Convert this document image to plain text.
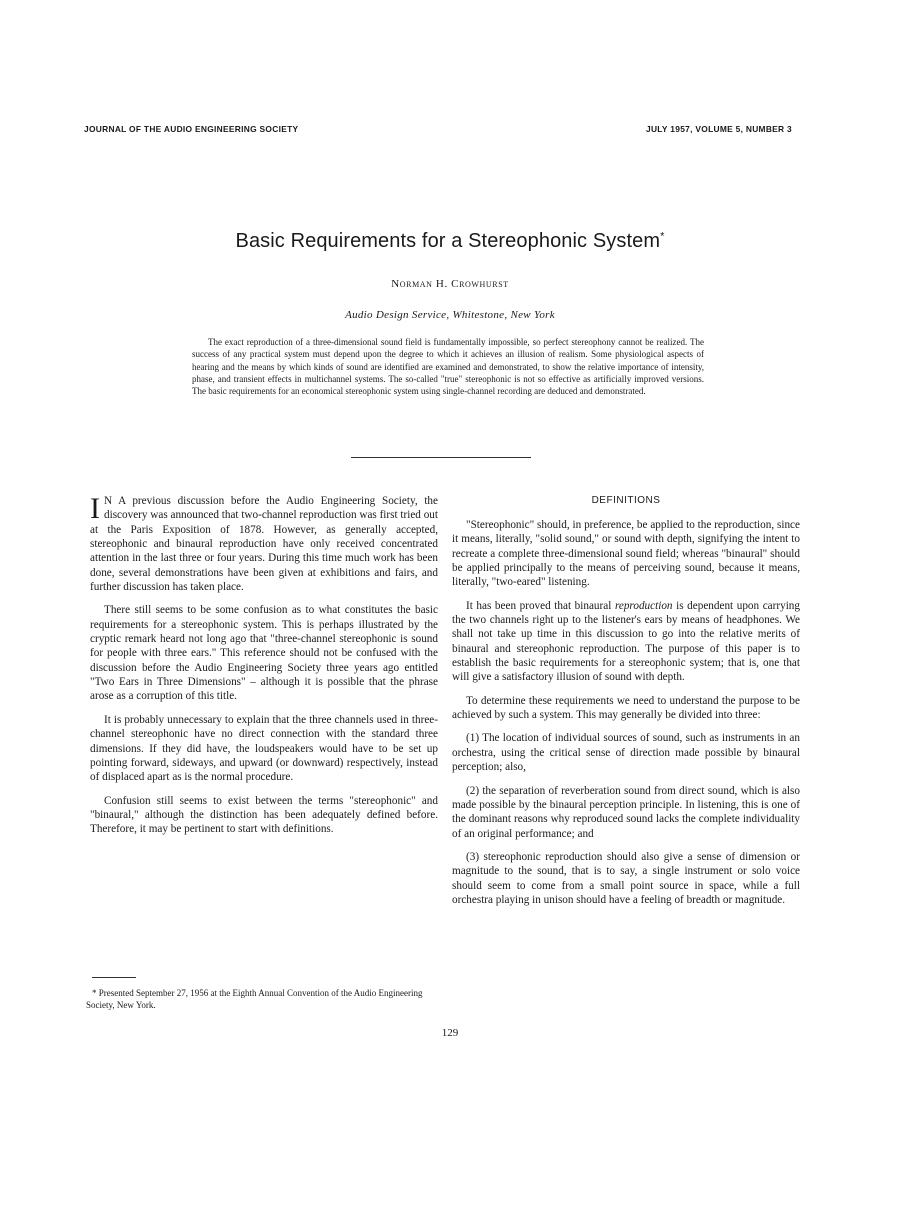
JOURNAL OF THE AUDIO ENGINEERING SOCIETY	JULY 1957, VOLUME 5, NUMBER 3
Basic Requirements for a Stereophonic System*
Norman H. Crowhurst
Audio Design Service, Whitestone, New York

The exact reproduction of a three-dimensional sound field is fundamentally impossible, so perfect stereophony cannot be realized. The success of any practical system must depend upon the degree to which it achieves an illusion of realism. Some physiological aspects of hearing and the means by which kinds of sound are identified are examined and demonstrated, to show the relative importance of intensity, phase, and transient effects in multichannel systems. The so-called "true" stereophonic is not so effective as artificially improved versions. The basic requirements for an economical stereophonic system using single-channel recording are deduced and demonstrated.

I N A previous discussion before the Audio Engineering Society, the discovery was announced that two-channel reproduction was first tried out at the Paris Exposition of 1878. However, as generally accepted, stereophonic and binaural reproduction have only received concentrated attention in the last three or four years. During this time much work has been done, several demonstrations have been given at exhibitions and fairs, and further discussion has taken place.

There still seems to be some confusion as to what constitutes the basic requirements for a stereophonic system. This is perhaps illustrated by the cryptic remark heard not long ago that "three-channel stereophonic is sound for people with three ears." This reference should not be confused with the discussion before the Audio Engineering Society three years ago entitled "Two Ears in Three Dimensions" – although it is possible that the phrase arose as a corruption of this title.

It is probably unnecessary to explain that the three channels used in three-channel stereophonic have no direct connection with the standard three dimensions. If they did have, the loudspeakers would have to be set up pointing forward, sideways, and upward (or downward) respectively, instead of displaced apart as is the normal procedure.

Confusion still seems to exist between the terms "stereophonic" and "binaural," although the distinction has been adequately defined before. Therefore, it may be pertinent to start with definitions.

DEFINITIONS

"Stereophonic" should, in preference, be applied to the reproduction, since it means, literally, "solid sound," or sound with depth, signifying the intent to recreate a complete three-dimensional sound field; whereas "binaural" should be applied principally to the means of perceiving sound, because it means, literally, "two-eared" listening.

It has been proved that binaural reproduction is dependent upon carrying the two channels right up to the listener's ears by means of headphones. We shall not take up time in this discussion to go into the relative merits of binaural and stereophonic reproduction. The purpose of this paper is to establish the basic requirements for a stereophonic system; that is, one that will give a satisfactory illusion of sound with depth.

To determine these requirements we need to understand the purpose to be achieved by such a system. This may generally be divided into three:

(1) The location of individual sources of sound, such as instruments in an orchestra, using the critical sense of direction made possible by binaural perception; also,

(2) the separation of reverberation sound from direct sound, which is also made possible by the binaural perception principle. In listening, this is one of the dominant reasons why reproduced sound lacks the complete individuality of an original performance; and

(3) stereophonic reproduction should also give a sense of dimension or magnitude to the sound, that is to say, a single instrument or solo voice should seem to come from a small point source in space, while a full orchestra playing in unison should have a feeling of breadth or magnitude.

* Presented September 27, 1956 at the Eighth Annual Convention of the Audio Engineering Society, New York.

129
